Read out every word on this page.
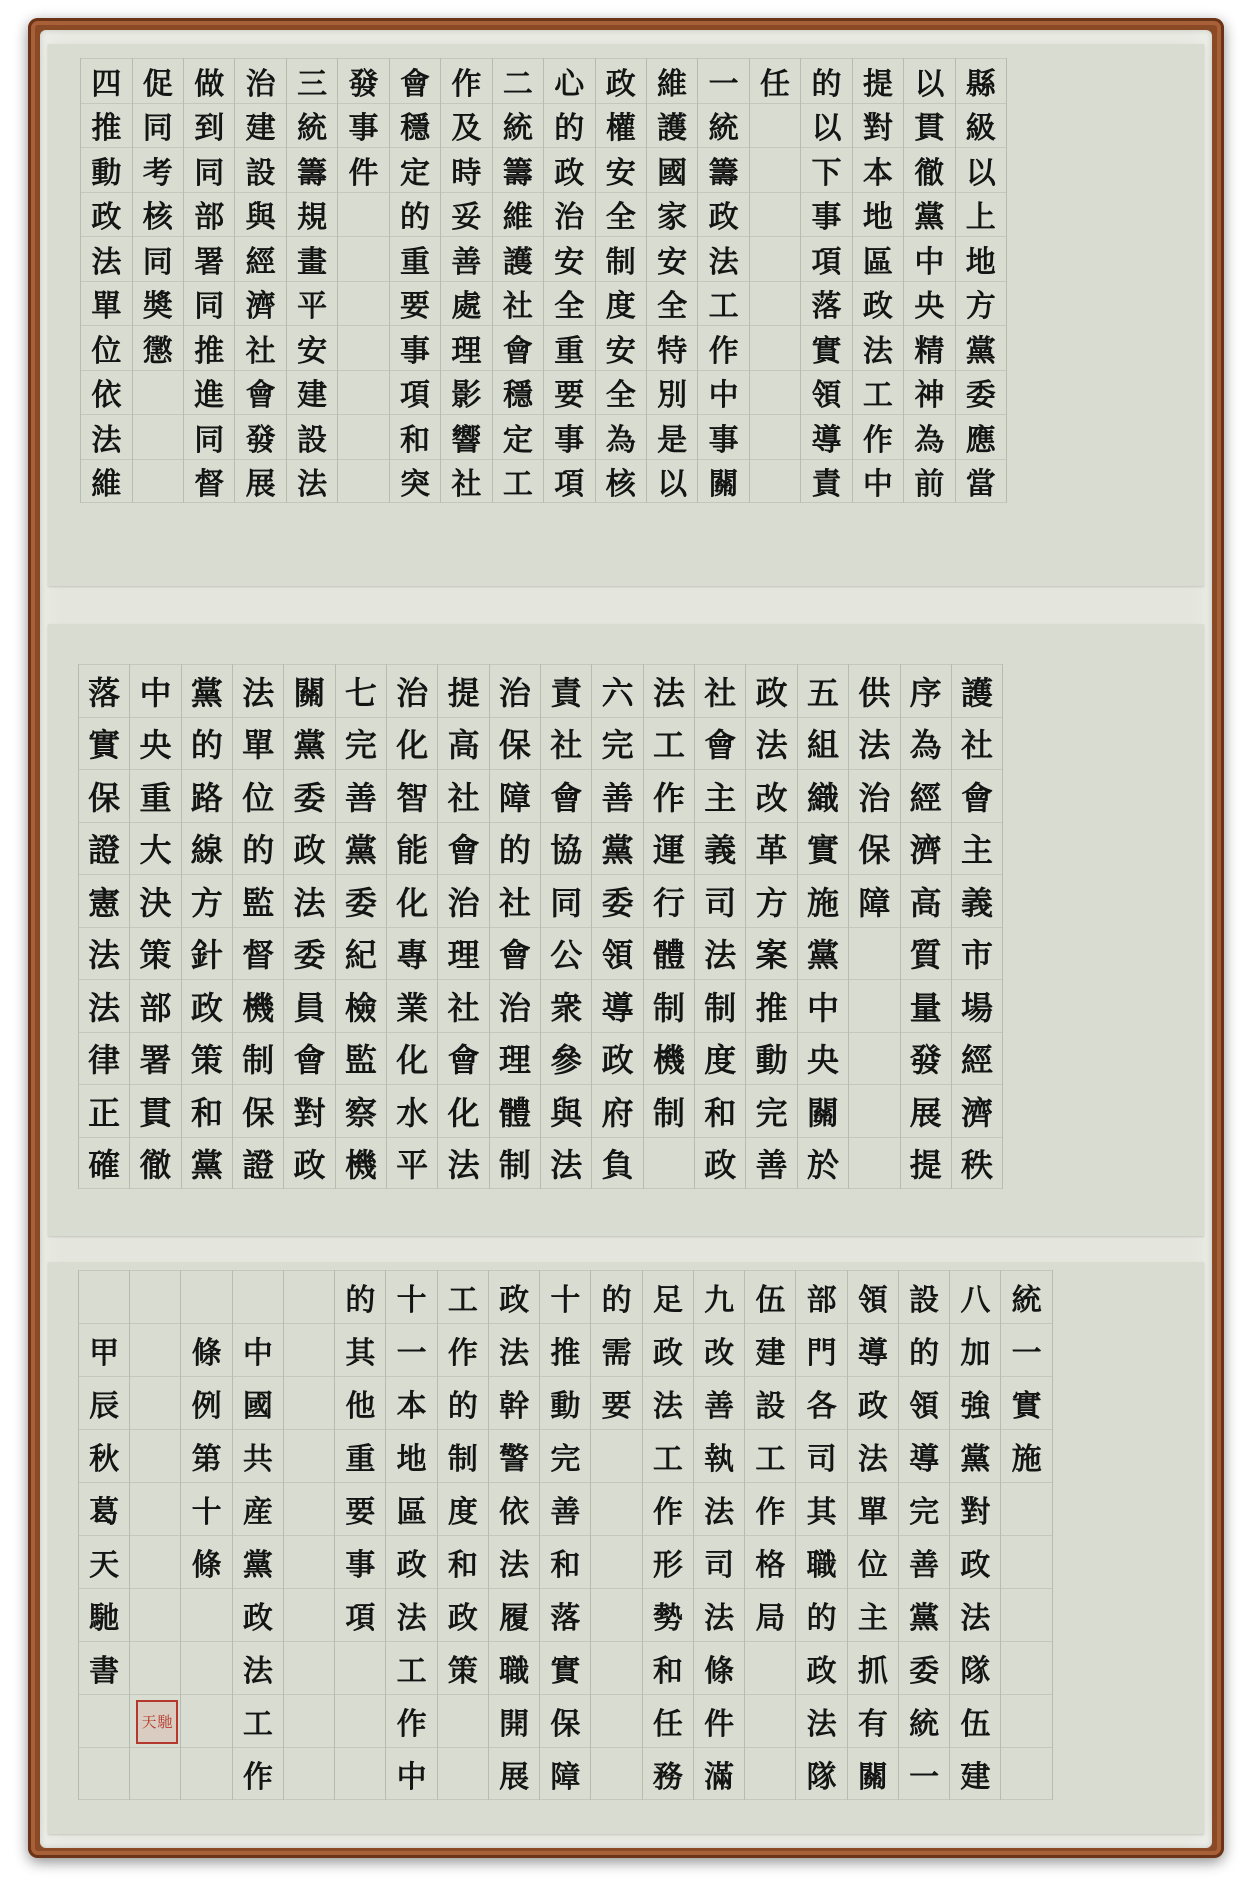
天 馳
縣
級
以
上
地
方
黨
委
應
當
以
貫
徹
黨
中
央
精
神
為
前
提
對
本
地
區
政
法
工
作
中
的
以
下
事
項
落
實
領
導
責
任
一
統
籌
政
法
工
作
中
事
關
維
護
國
家
安
全
特
別
是
以
政
權
安
全
制
度
安
全
為
核
心
的
政
治
安
全
重
要
事
項
二
統
籌
維
護
社
會
穩
定
工
作
及
時
妥
善
處
理
影
響
社
會
穩
定
的
重
要
事
項
和
突
發
事
件
三
統
籌
規
畫
平
安
建
設
法
治
建
設
與
經
濟
社
會
發
展
做
到
同
部
署
同
推
進
同
督
促
同
考
核
同
奬
懲
四
推
動
政
法
單
位
依
法
維
護
社
會
主
義
市
場
經
濟
秩
序
為
經
濟
高
質
量
發
展
提
供
法
治
保
障
五
組
織
實
施
黨
中
央
關
於
政
法
改
革
方
案
推
動
完
善
社
會
主
義
司
法
制
度
和
政
法
工
作
運
行
體
制
機
制
六
完
善
黨
委
領
導
政
府
負
責
社
會
協
同
公
衆
參
與
法
治
保
障
的
社
會
治
理
體
制
提
高
社
會
治
理
社
會
化
法
治
化
智
能
化
專
業
化
水
平
七
完
善
黨
委
紀
檢
監
察
機
關
黨
委
政
法
委
員
會
對
政
法
單
位
的
監
督
機
制
保
證
黨
的
路
線
方
針
政
策
和
黨
中
央
重
大
決
策
部
署
貫
徹
落
實
保
證
憲
法
法
律
正
確
統
一
實
施
八
加
強
黨
對
政
法
隊
伍
建
設
的
領
導
完
善
黨
委
統
一
領
導
政
法
單
位
主
抓
有
關
部
門
各
司
其
職
的
政
法
隊
伍
建
設
工
作
格
局
九
改
善
執
法
司
法
條
件
滿
足
政
法
工
作
形
勢
和
任
務
的
需
要
十
推
動
完
善
和
落
實
保
障
政
法
幹
警
依
法
履
職
開
展
工
作
的
制
度
和
政
策
十
一
本
地
區
政
法
工
作
中
的
其
他
重
要
事
項
中
國
共
産
黨
政
法
工
作
條
例
第
十
條
甲
辰
秋
葛
天
馳
書
